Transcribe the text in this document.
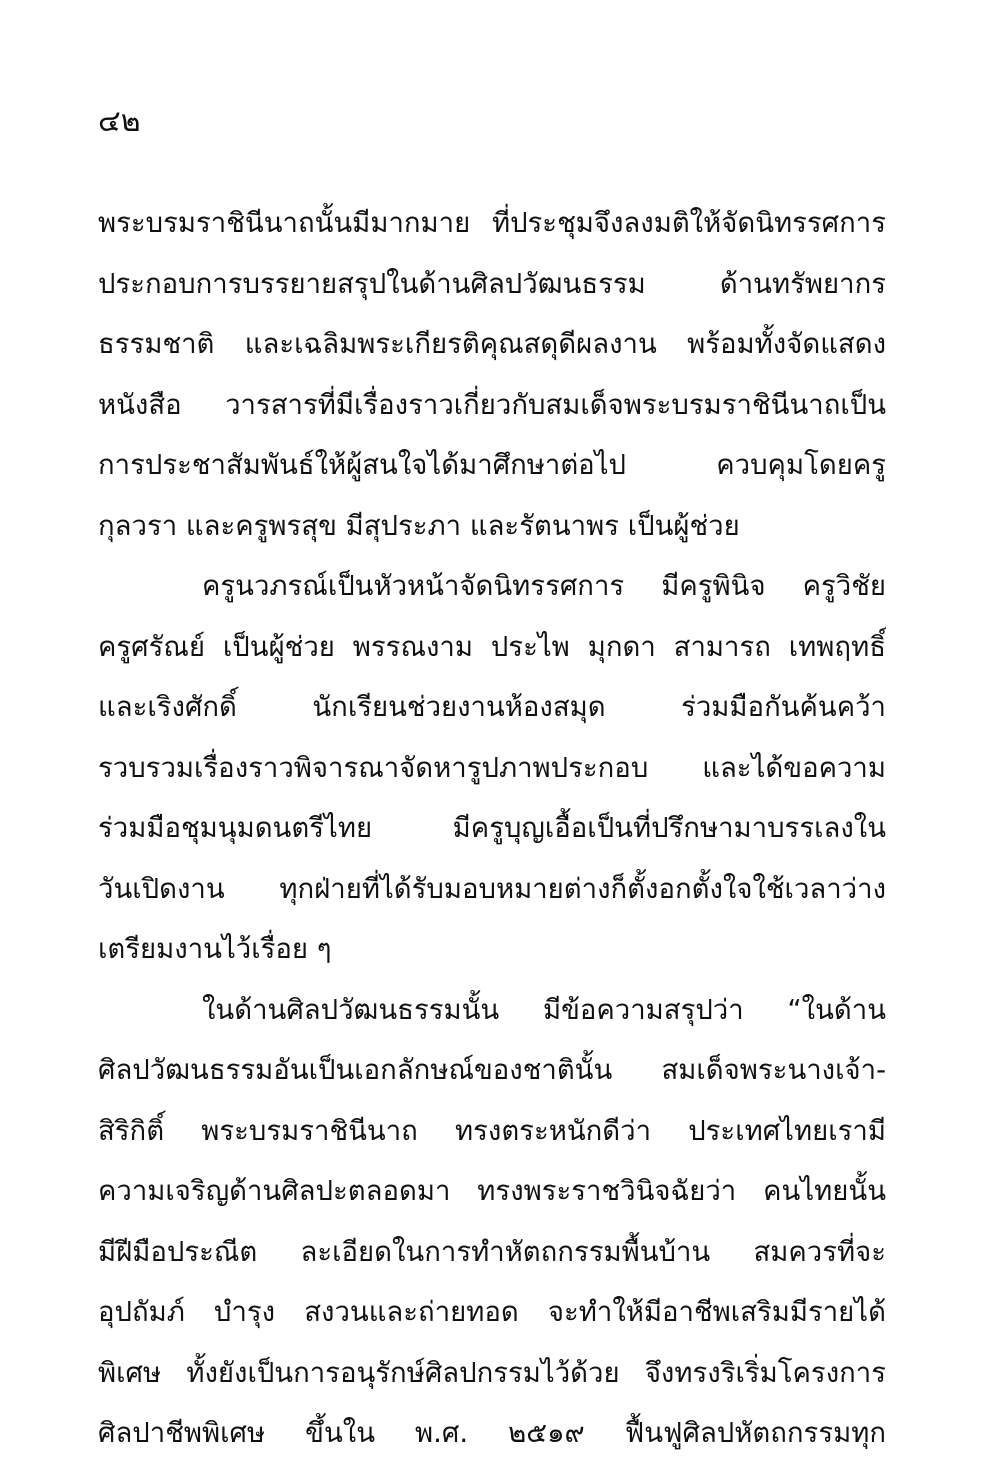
๔๒
พระบรมราชินีนาถนั้นมีมากมาย ที่ประชุมจึงลงมติให้จัดนิทรรศการ
ประกอบการบรรยายสรุปในด้านศิลปวัฒนธรรม ด้านทรัพยากร
ธรรมชาติ และเฉลิมพระเกียรติคุณสดุดีผลงาน พร้อมทั้งจัดแสดง
หนังสือ วารสารที่มีเรื่องราวเกี่ยวกับสมเด็จพระบรมราชินีนาถเป็น
การประชาสัมพันธ์ให้ผู้สนใจได้มาศึกษาต่อไป ควบคุมโดยครู
กุลวรา และครูพรสุข มีสุประภา และรัตนาพร เป็นผู้ช่วย
ครูนวภรณ์เป็นหัวหน้าจัดนิทรรศการ มีครูพินิจ ครูวิชัย
ครูศรัณย์ เป็นผู้ช่วย พรรณงาม ประไพ มุกดา สามารถ เทพฤทธิ์
และเริงศักดิ์ นักเรียนช่วยงานห้องสมุด ร่วมมือกันค้นคว้า
รวบรวมเรื่องราวพิจารณาจัดหารูปภาพประกอบ และได้ขอความ
ร่วมมือชุมนุมดนตรีไทย มีครูบุญเอื้อเป็นที่ปรึกษามาบรรเลงใน
วันเปิดงาน ทุกฝ่ายที่ได้รับมอบหมายต่างก็ตั้งอกตั้งใจใช้เวลาว่าง
เตรียมงานไว้เรื่อย ๆ
ในด้านศิลปวัฒนธรรมนั้น มีข้อความสรุปว่า “ในด้าน
ศิลปวัฒนธรรมอันเป็นเอกลักษณ์ของชาตินั้น สมเด็จพระนางเจ้า-
สิริกิติ์ พระบรมราชินีนาถ ทรงตระหนักดีว่า ประเทศไทยเรามี
ความเจริญด้านศิลปะตลอดมา ทรงพระราชวินิจฉัยว่า คนไทยนั้น
มีฝีมือประณีต ละเอียดในการทำหัตถกรรมพื้นบ้าน สมควรที่จะ
อุปถัมภ์ บำรุง สงวนและถ่ายทอด จะทำให้มีอาชีพเสริมมีรายได้
พิเศษ ทั้งยังเป็นการอนุรักษ์ศิลปกรรมไว้ด้วย จึงทรงริเริ่มโครงการ
ศิลปาชีพพิเศษ ขึ้นใน พ.ศ. ๒๕๑๙ ฟื้นฟูศิลปหัตถกรรมทุก
